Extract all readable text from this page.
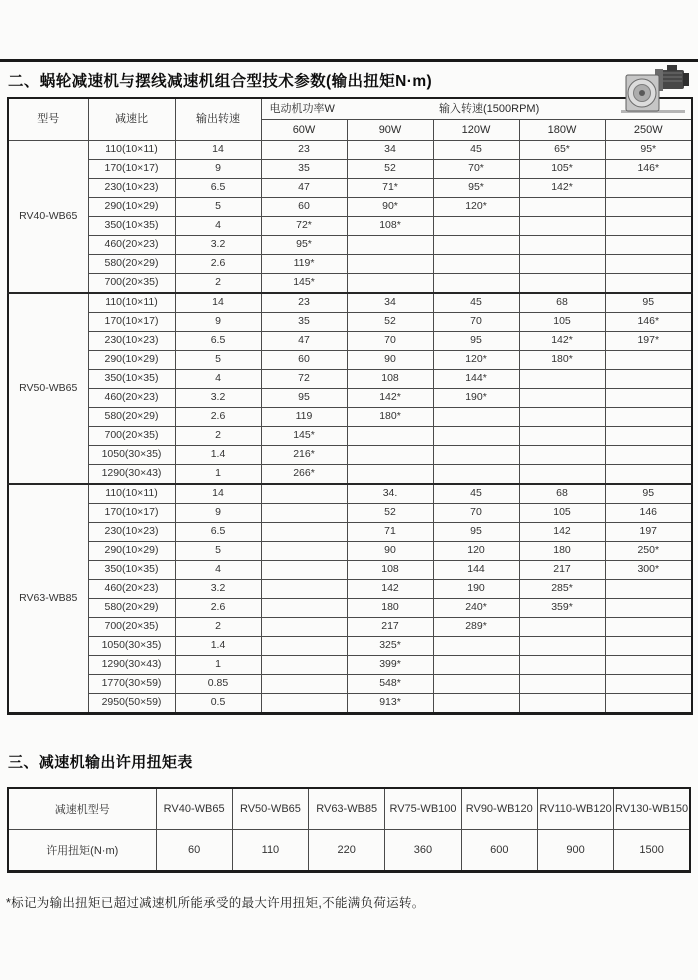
二、蜗轮减速机与摆线减速机组合型技术参数(输出扭矩N·m)
型号	减速比	输出转速	电动机功率W 输入转速(1500RPM)				

			60W	90W	120W	180W	250W
RV40-WB65	110(10×11)	14	23	34	45	65*	95*
	170(10×17)	9	35	52	70*	105*	146*
	230(10×23)	6.5	47	71*	95*	142*	
	290(10×29)	5	60	90*	120*		
	350(10×35)	4	72*	108*			
	460(20×23)	3.2	95*				
	580(20×29)	2.6	119*				
	700(20×35)	2	145*				
RV50-WB65	110(10×11)	14	23	34	45	68	95
	170(10×17)	9	35	52	70	105	146*
	230(10×23)	6.5	47	70	95	142*	197*
	290(10×29)	5	60	90	120*	180*	
	350(10×35)	4	72	108	144*		
	460(20×23)	3.2	95	142*	190*		
	580(20×29)	2.6	119	180*			
	700(20×35)	2	145*				
	1050(30×35)	1.4	216*				
	1290(30×43)	1	266*				
RV63-WB85	110(10×11)	14		34.	45	68	95
	170(10×17)	9		52	70	105	146
	230(10×23)	6.5		71	95	142	197
	290(10×29)	5		90	120	180	250*
	350(10×35)	4		108	144	217	300*
	460(20×23)	3.2		142	190	285*	
	580(20×29)	2.6		180	240*	359*	
	700(20×35)	2		217	289*		
	1050(30×35)	1.4		325*			
	1290(30×43)	1		399*			
	1770(30×59)	0.85		548*			
	2950(50×59)	0.5		913*			
三、减速机输出许用扭矩表
减速机型号	RV40-WB65	RV50-WB65	RV63-WB85	RV75-WB100	RV90-WB120	RV110-WB120	RV130-WB150
许用扭矩(N·m)	60	110	220	360	600	900	1500

*标记为输出扭矩已超过减速机所能承受的最大许用扭矩,不能满负荷运转。
